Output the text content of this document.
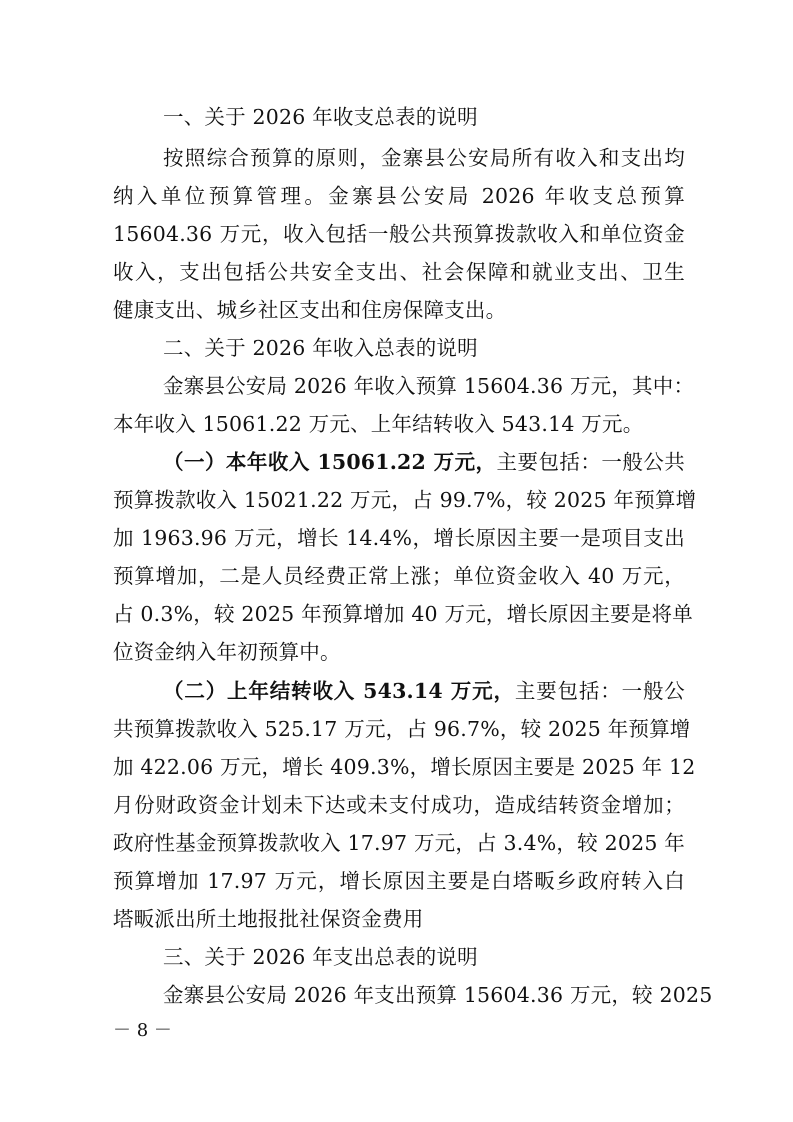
一、关于 2026 年收支总表的说明
按照综合预算的原则，金寨县公安局所有收入和支出均
纳入单位预算管理。金寨县公安局 2026 年收支总预算
15604.36 万元，收入包括一般公共预算拨款收入和单位资金
收入，支出包括公共安全支出、社会保障和就业支出、卫生
健康支出、城乡社区支出和住房保障支出。
二、关于 2026 年收入总表的说明
金寨县公安局 2026 年收入预算 15604.36 万元，其中：
本年收入 15061.22 万元、上年结转收入 543.14 万元。
（一）本年收入 15061.22 万元，主要包括：一般公共
预算拨款收入 15021.22 万元，占 99.7%，较 2025 年预算增
加 1963.96 万元，增长 14.4%，增长原因主要一是项目支出
预算增加，二是人员经费正常上涨；单位资金收入 40 万元，
占 0.3%，较 2025 年预算增加 40 万元，增长原因主要是将单
位资金纳入年初预算中。
（二）上年结转收入 543.14 万元，主要包括：一般公
共预算拨款收入 525.17 万元，占 96.7%，较 2025 年预算增
加 422.06 万元，增长 409.3%，增长原因主要是 2025 年 12
月份财政资金计划未下达或未支付成功，造成结转资金增加；
政府性基金预算拨款收入 17.97 万元，占 3.4%，较 2025 年
预算增加 17.97 万元，增长原因主要是白塔畈乡政府转入白
塔畈派出所土地报批社保资金费用
三、关于 2026 年支出总表的说明
金寨县公安局 2026 年支出预算 15604.36 万元，较 2025
－ 8 －
